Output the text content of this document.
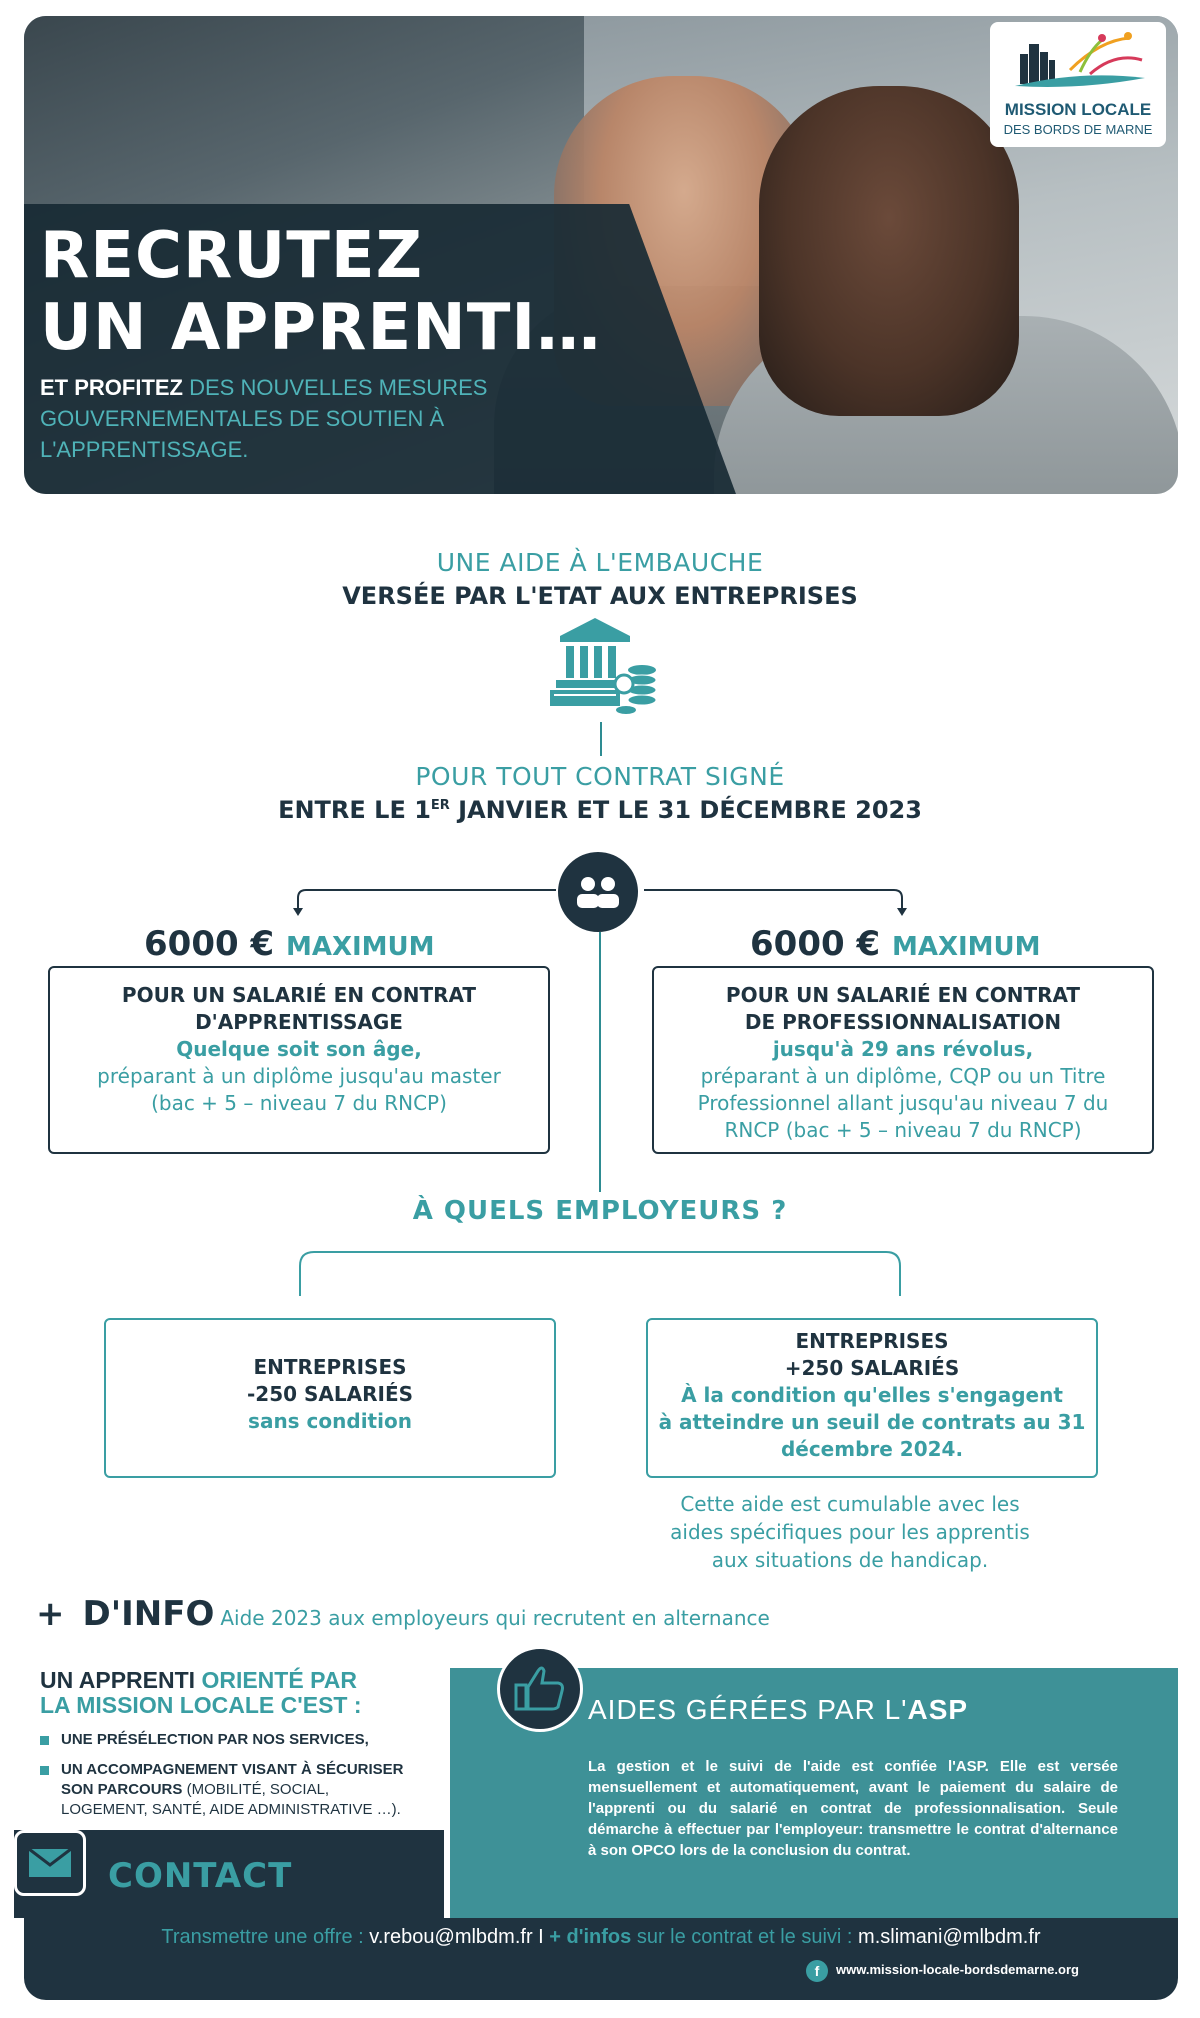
RECRUTEZ
UN APPRENTI…
ET PROFITEZ DES NOUVELLES MESURES GOUVERNEMENTALES DE SOUTIEN À L'APPRENTISSAGE.
MISSION LOCALE
DES BORDS DE MARNE
UNE AIDE À L'EMBAUCHE
VERSÉE PAR L'ETAT AUX ENTREPRISES
POUR TOUT CONTRAT SIGNÉ
ENTRE LE 1ER JANVIER ET LE 31 DÉCEMBRE 2023
6000 € MAXIMUM	6000 € MAXIMUM
POUR UN SALARIÉ EN CONTRAT
D'APPRENTISSAGE
Quelque soit son âge,
préparant à un diplôme jusqu'au master
(bac + 5 – niveau 7 du RNCP)
POUR UN SALARIÉ EN CONTRAT
DE PROFESSIONNALISATION
jusqu'à 29 ans révolus,
préparant à un diplôme, CQP ou un Titre
Professionnel allant jusqu'au niveau 7 du
RNCP (bac + 5 – niveau 7 du RNCP)
À QUELS EMPLOYEURS ?
ENTREPRISES
-250 SALARIÉS
sans condition
ENTREPRISES
+250 SALARIÉS
À la condition qu'elles s'engagent
à atteindre un seuil de contrats au 31
décembre 2024.
Cette aide est cumulable avec les aides spécifiques pour les apprentis aux situations de handicap.
+ D'INFO Aide 2023 aux employeurs qui recrutent en alternance
UN APPRENTI ORIENTÉ PAR
LA MISSION LOCALE C'EST :
UNE PRÉSÉLECTION PAR NOS SERVICES,
UN ACCOMPAGNEMENT VISANT À SÉCURISER
SON PARCOURS (MOBILITÉ, SOCIAL,
LOGEMENT, SANTÉ, AIDE ADMINISTRATIVE …).
AIDES GÉRÉES PAR L'ASP
La gestion et le suivi de l'aide est confiée l'ASP. Elle est versée mensuellement et automatiquement, avant le paiement du salaire de l'apprenti ou du salarié en contrat de professionnalisation. Seule démarche à effectuer par l'employeur: transmettre le contrat d'alternance à son OPCO lors de la conclusion du contrat.
CONTACT
Transmettre une offre : v.rebou@mlbdm.fr I + d'infos sur le contrat et le suivi : m.slimani@mlbdm.fr
f	www.mission-locale-bordsdemarne.org
